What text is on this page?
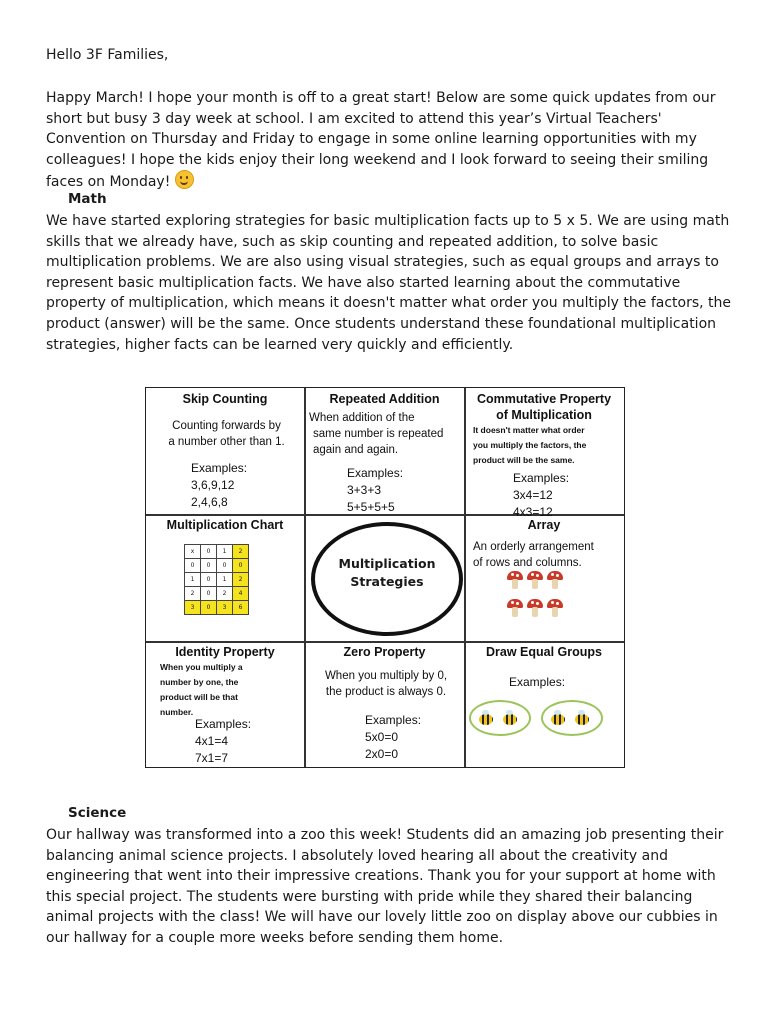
Hello 3F Families,

Happy March! I hope your month is off to a great start! Below are some quick updates from our short but busy 3 day week at school. I am excited to attend this year’s Virtual Teachers' Convention on Thursday and Friday to engage in some online learning opportunities with my colleagues! I hope the kids enjoy their long weekend and I look forward to seeing their smiling faces on Monday!

Math

We have started exploring strategies for basic multiplication facts up to 5 x 5. We are using math skills that we already have, such as skip counting and repeated addition, to solve basic multiplication problems. We are also using visual strategies, such as equal groups and arrays to represent basic multiplication facts. We have also started learning about the commutative property of multiplication, which means it doesn't matter what order you multiply the factors, the product (answer) will be the same. Once students understand these foundational multiplication strategies, higher facts can be learned very quickly and efficiently.

Skip Counting
Counting forwards by
a number other than 1.
Examples:
3,6,9,12
2,4,6,8
Repeated Addition
When addition of the
same number is repeated
again and again.
Examples:
3+3+3
5+5+5+5
Commutative Property
of Multiplication
It doesn't matter what order
you multiply the factors, the
product will be the same.
Examples:
3x4=12
4x3=12
Multiplication Chart
x	0	1	2
0	0	0	0
1	0	1	2
2	0	2	4
3	0	3	6
Multiplication
Strategies
Array
An orderly arrangement
of rows and columns.
Identity Property
When you multiply a
number by one, the
product will be that
number.
Examples:
4x1=4
7x1=7
Zero Property
When you multiply by 0,
the product is always 0.
Examples:
5x0=0
2x0=0
Draw Equal Groups
Examples:
Science

Our hallway was transformed into a zoo this week! Students did an amazing job presenting their balancing animal science projects. I absolutely loved hearing all about the creativity and engineering that went into their impressive creations. Thank you for your support at home with this special project. The students were bursting with pride while they shared their balancing animal projects with the class! We will have our lovely little zoo on display above our cubbies in our hallway for a couple more weeks before sending them home.
